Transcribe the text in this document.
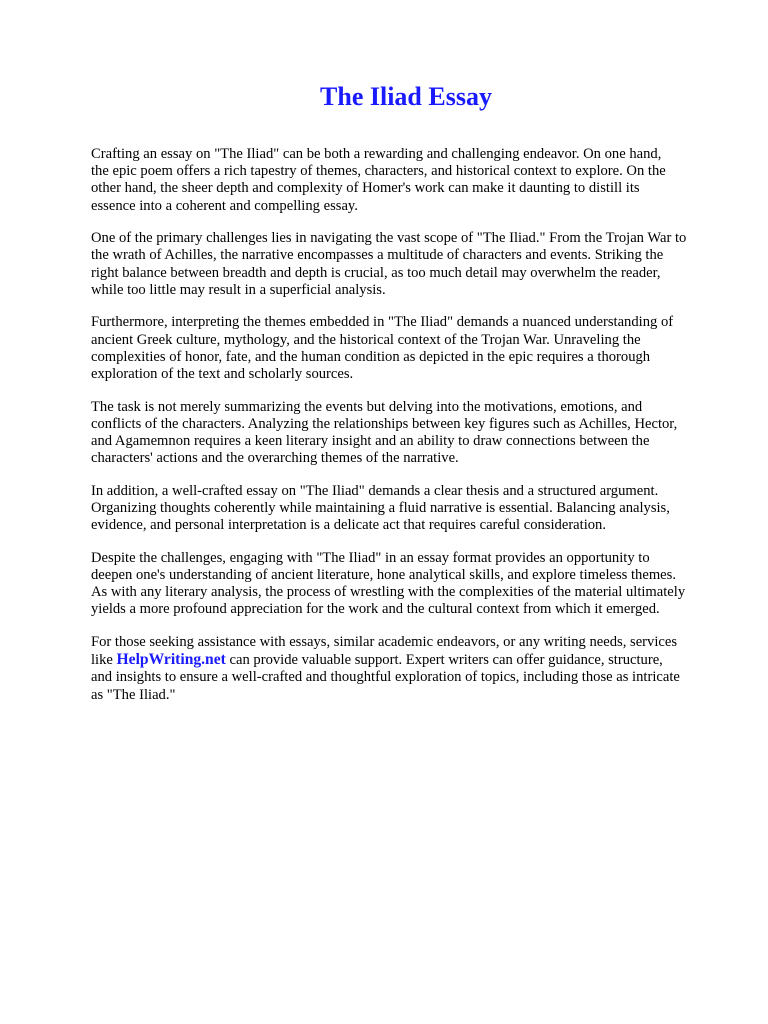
The Iliad Essay

Crafting an essay on "The Iliad" can be both a rewarding and challenging endeavor. On one hand,
the epic poem offers a rich tapestry of themes, characters, and historical context to explore. On the
other hand, the sheer depth and complexity of Homer's work can make it daunting to distill its
essence into a coherent and compelling essay.

One of the primary challenges lies in navigating the vast scope of "The Iliad." From the Trojan War to
the wrath of Achilles, the narrative encompasses a multitude of characters and events. Striking the
right balance between breadth and depth is crucial, as too much detail may overwhelm the reader,
while too little may result in a superficial analysis.

Furthermore, interpreting the themes embedded in "The Iliad" demands a nuanced understanding of
ancient Greek culture, mythology, and the historical context of the Trojan War. Unraveling the
complexities of honor, fate, and the human condition as depicted in the epic requires a thorough
exploration of the text and scholarly sources.

The task is not merely summarizing the events but delving into the motivations, emotions, and
conflicts of the characters. Analyzing the relationships between key figures such as Achilles, Hector,
and Agamemnon requires a keen literary insight and an ability to draw connections between the
characters' actions and the overarching themes of the narrative.

In addition, a well-crafted essay on "The Iliad" demands a clear thesis and a structured argument.
Organizing thoughts coherently while maintaining a fluid narrative is essential. Balancing analysis,
evidence, and personal interpretation is a delicate act that requires careful consideration.

Despite the challenges, engaging with "The Iliad" in an essay format provides an opportunity to
deepen one's understanding of ancient literature, hone analytical skills, and explore timeless themes.
As with any literary analysis, the process of wrestling with the complexities of the material ultimately
yields a more profound appreciation for the work and the cultural context from which it emerged.

For those seeking assistance with essays, similar academic endeavors, or any writing needs, services
like HelpWriting.net can provide valuable support. Expert writers can offer guidance, structure,
and insights to ensure a well-crafted and thoughtful exploration of topics, including those as intricate
as "The Iliad."
